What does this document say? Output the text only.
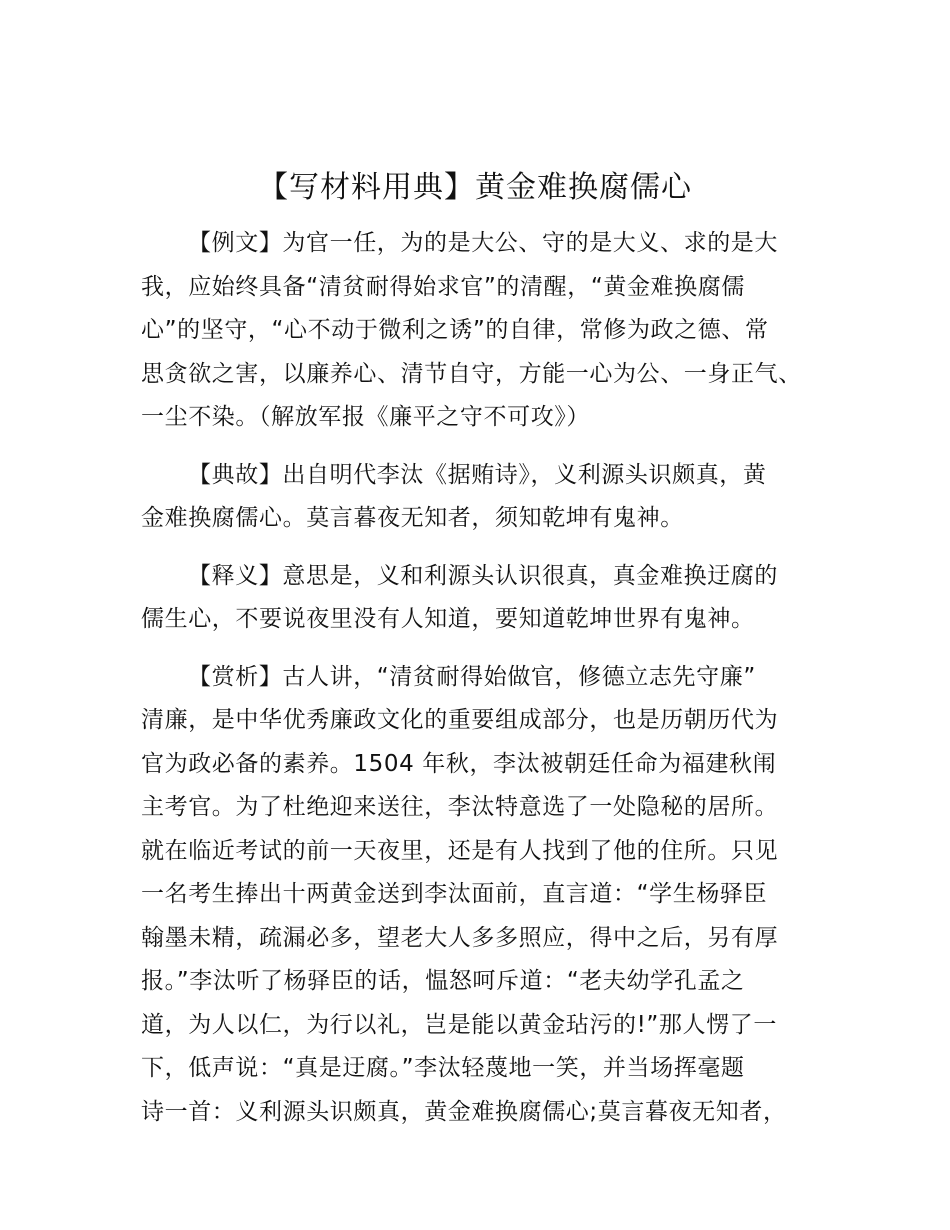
【写材料用典】黄金难换腐儒心
【例文】为官一任，为的是大公、守的是大义、求的是大
我，应始终具备“清贫耐得始求官”的清醒，“黄金难换腐儒
心”的坚守，“心不动于微利之诱”的自律，常修为政之德、常
思贪欲之害，以廉养心、清节自守，方能一心为公、一身正气、
一尘不染。（解放军报《廉平之守不可攻》）
【典故】出自明代李汰《据贿诗》，义利源头识颇真，黄
金难换腐儒心。莫言暮夜无知者，须知乾坤有鬼神。
【释义】意思是，义和利源头认识很真，真金难换迂腐的
儒生心，不要说夜里没有人知道，要知道乾坤世界有鬼神。
【赏析】古人讲，“清贫耐得始做官，修德立志先守廉”
清廉，是中华优秀廉政文化的重要组成部分，也是历朝历代为
官为政必备的素养。1504 年秋，李汰被朝廷任命为福建秋闱
主考官。为了杜绝迎来送往，李汰特意选了一处隐秘的居所。
就在临近考试的前一天夜里，还是有人找到了他的住所。只见
一名考生捧出十两黄金送到李汰面前，直言道：“学生杨驿臣
翰墨未精，疏漏必多，望老大人多多照应，得中之后，另有厚
报。”李汰听了杨驿臣的话，愠怒呵斥道：“老夫幼学孔孟之
道，为人以仁，为行以礼，岂是能以黄金玷污的!”那人愣了一
下，低声说：“真是迂腐。”李汰轻蔑地一笑，并当场挥毫题
诗一首：义利源头识颇真，黄金难换腐儒心;莫言暮夜无知者，
